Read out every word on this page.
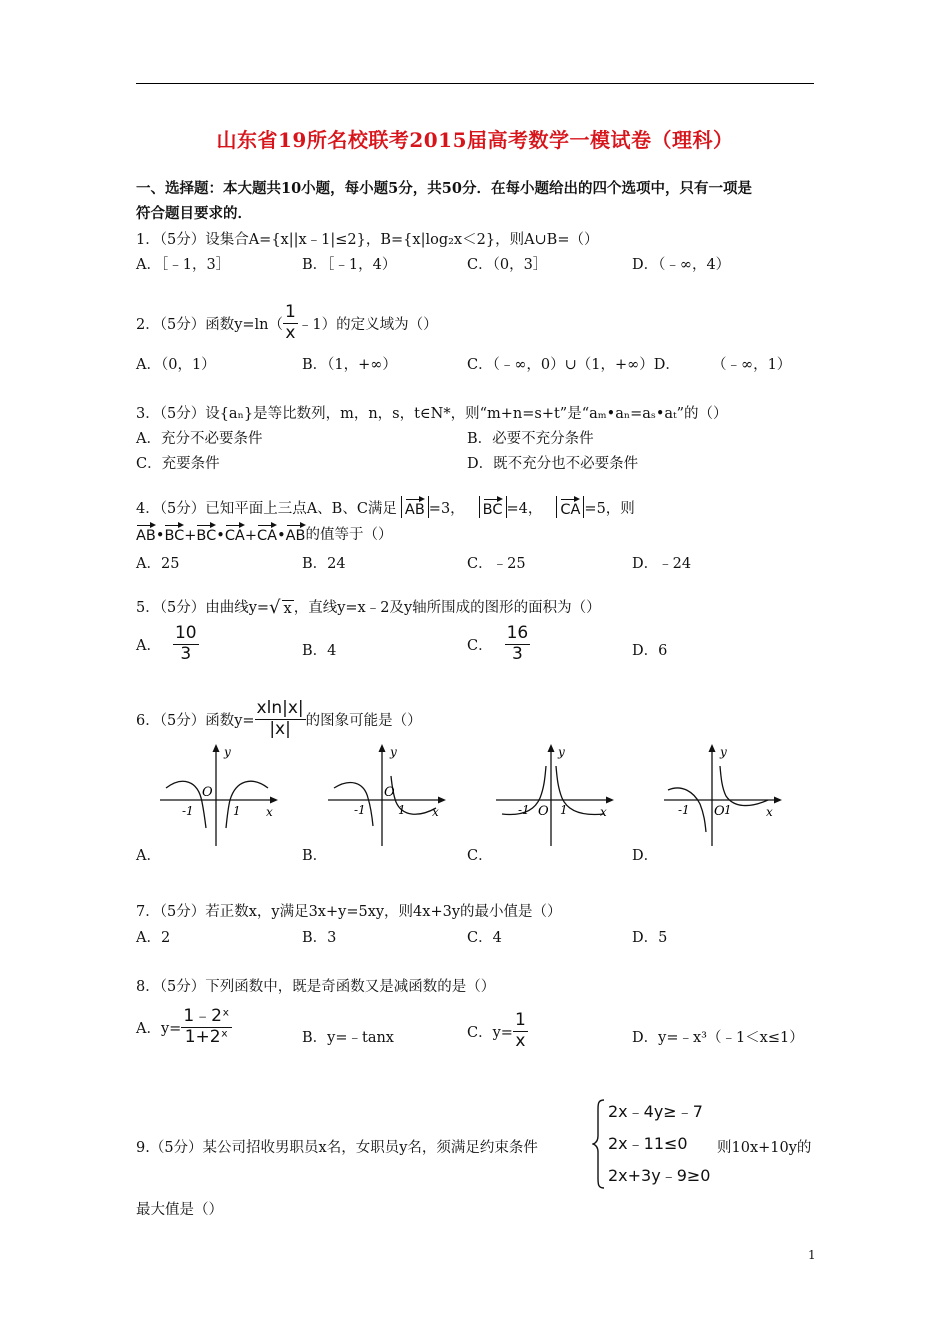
山东省19所名校联考2015届高考数学一模试卷（理科）
一、选择题：本大题共10小题，每小题5分，共50分．在每小题给出的四个选项中，只有一项是
符合题目要求的．
1．（5分）设集合A={x||x﹣1|≤2}，B={x|log₂x＜2}，则A∪B=（）
A．［﹣1，3］	B．［﹣1，4）	C．（0，3］	D．（﹣∞，4）
2．（5分）函数$y=\ln( \frac{1}{x}$ ﹣1）的定义域为（）
A．（0，1）	B．（1，+∞）	C．（﹣∞，0）∪（1，+∞）D． （﹣∞，1）
3．（5分）设{aₙ}是等比数列，m，n，s，t∈N*，则“m+n=s+t”是“aₘ•aₙ=aₛ•aₜ”的（）
A．充分不必要条件	B．必要不充分条件
C．充要条件	D．既不充分也不必要条件
4．（5分）已知平面上三点A、B、C满足 AB =3， BC =4， CA =5，则
AB • BC + BC • CA + CA • AB 的值等于（）
A．25	B．24	C．﹣25	D．﹣24
5．（5分）由曲线y= √ x ，直线y=x﹣2及y轴所围成的图形的面积为（）
A． $\frac{10}{3}$	B．4	C． $\frac{16}{3}$	D．6
6．（5分）函数$y= \frac{xln|x|}{|x|}$ 的图象可能是（）
O
y
x
-1	1
O
y
x
-1	1	O
y
x
-1	1	O
y
x
-1	1
A．	B．	C．	D．
7．（5分）若正数x，y满足3x+y=5xy，则4x+3y的最小值是（）
A．2	B．3	C．4	D．5
8．（5分）下列函数中，既是奇函数又是减函数的是（）
A．$y= \frac{\text{1﹣2ˣ}}{\text{1+2ˣ}}$	B．y=﹣tanx	C．$y= \frac{1}{x}$	D．y=﹣x³（﹣1＜x≤1）
9.（5分）某公司招收男职员x名，女职员y名，须满足约束条件
2x﹣4y≥﹣7
2x﹣11≤0
2x+3y﹣9≥0
则10x+10y的
最大值是（）
1
